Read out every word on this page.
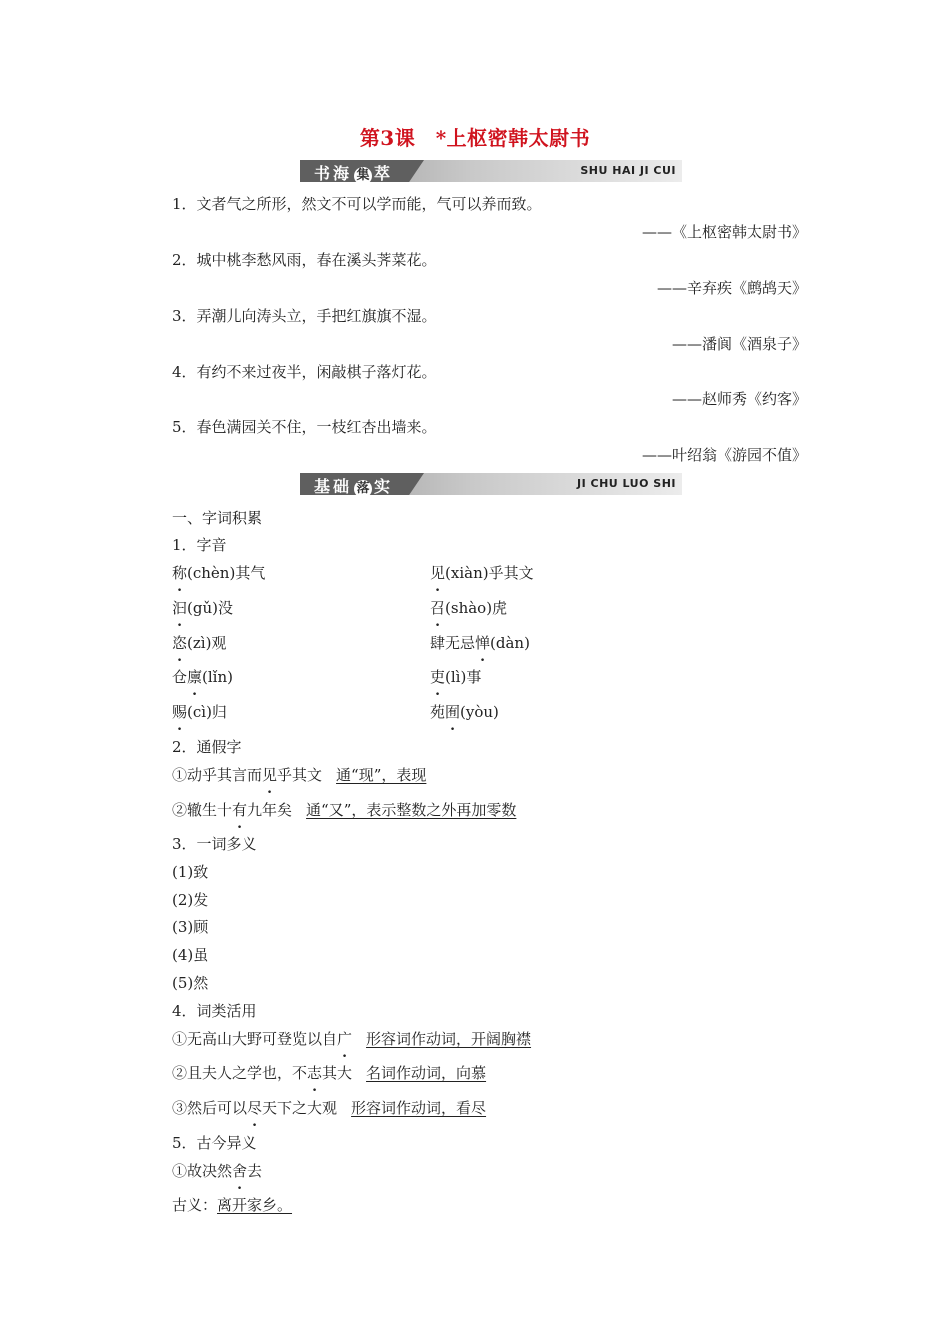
第3课　*上枢密韩太尉书
书海 集 萃	SHU HAI JI CUI
1．文者气之所形，然文不可以学而能，气可以养而致。
——《上枢密韩太尉书》
2．城中桃李愁风雨，春在溪头荠菜花。
——辛弃疾《鹧鸪天》
3．弄潮儿向涛头立，手把红旗旗不湿。
——潘阆《酒泉子》
4．有约不来过夜半，闲敲棋子落灯花。
——赵师秀《约客》
5．春色满园关不住，一枝红杏出墙来。
——叶绍翁《游园不值》
基础 落 实	JI CHU LUO SHI
一、字词积累
1．字音
称(chèn)其气	见(xiàn)乎其文
汩(gǔ)没	召(shào)虎
恣(zì)观	肆无忌惮(dàn)
仓廪(lǐn)	吏(lì)事
赐(cì)归	苑囿(yòu)
2．通假字
①动乎其言而见乎其文 通“现”，表现
②辙生十有九年矣 通“又”，表示整数之外再加零数
3．一词多义
(1)致
(2)发
(3)顾
(4)虽
(5)然
4．词类活用
①无高山大野可登览以自广 形容词作动词，开阔胸襟
②且夫人之学也，不志其大 名词作动词，向慕
③然后可以尽天下之大观 形容词作动词，看尽
5．古今异义
①故决然舍去
古义：离开家乡。
